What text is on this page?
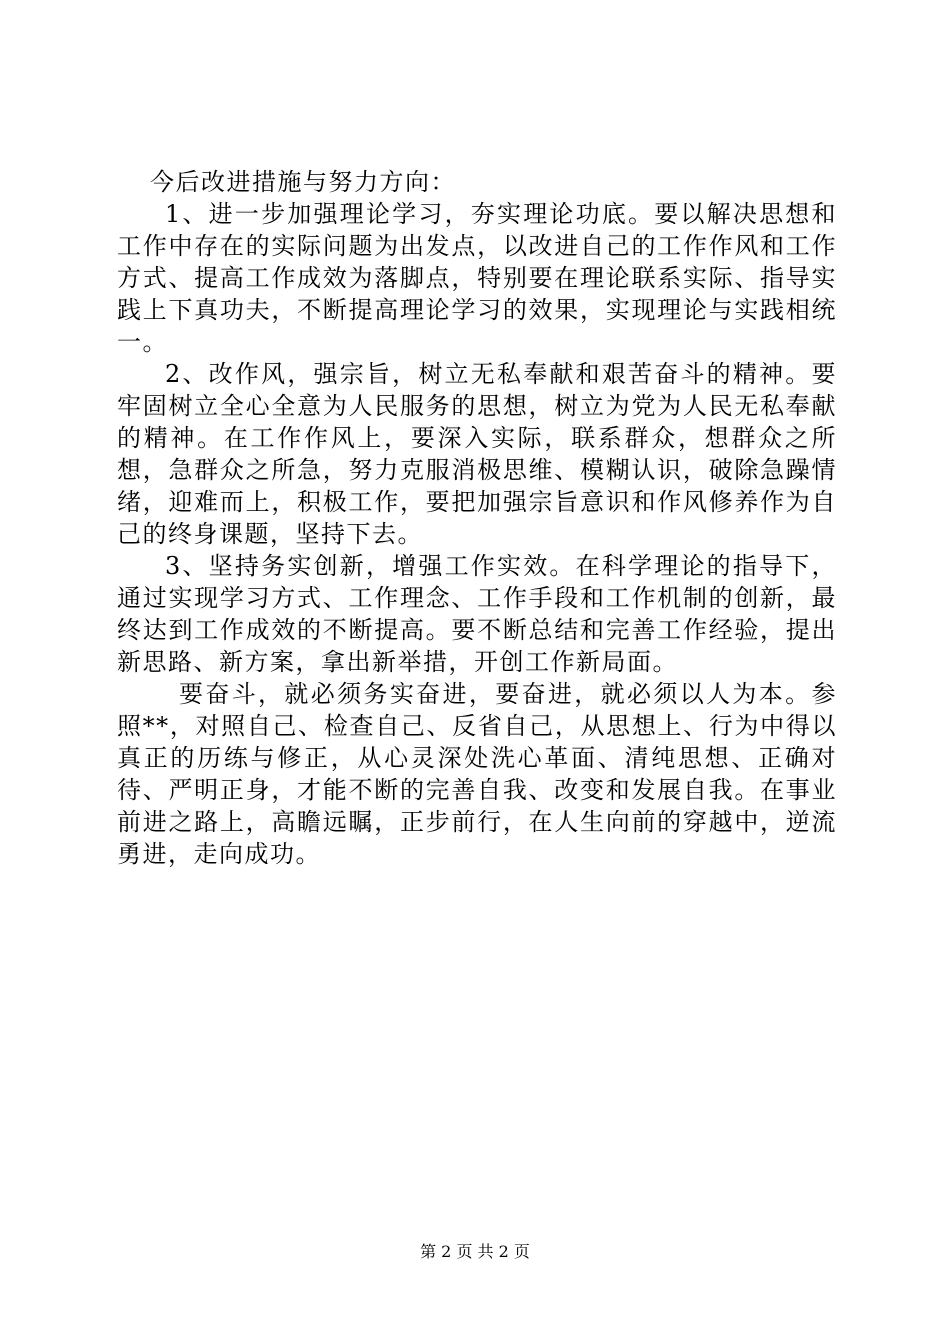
今后改进措施与努力方向：

1、进一步加强理论学习，夯实理论功底。要以解决思想和工作中存在的实际问题为出发点，以改进自己的工作作风和工作方式、提高工作成效为落脚点，特别要在理论联系实际、指导实践上下真功夫，不断提高理论学习的效果，实现理论与实践相统一。

2、改作风，强宗旨，树立无私奉献和艰苦奋斗的精神。要牢固树立全心全意为人民服务的思想，树立为党为人民无私奉献的精神。在工作作风上，要深入实际，联系群众，想群众之所想，急群众之所急，努力克服消极思维、模糊认识，破除急躁情绪，迎难而上，积极工作，要把加强宗旨意识和作风修养作为自己的终身课题，坚持下去。

3、坚持务实创新，增强工作实效。在科学理论的指导下，通过实现学习方式、工作理念、工作手段和工作机制的创新，最终达到工作成效的不断提高。要不断总结和完善工作经验，提出新思路、新方案，拿出新举措，开创工作新局面。

要奋斗，就必须务实奋进，要奋进，就必须以人为本。参照**，对照自己、检查自己、反省自己，从思想上、行为中得以真正的历练与修正，从心灵深处洗心革面、清纯思想、正确对待、严明正身，才能不断的完善自我、改变和发展自我。在事业前进之路上，高瞻远瞩，正步前行，在人生向前的穿越中，逆流勇进，走向成功。

第 2 页 共 2 页
